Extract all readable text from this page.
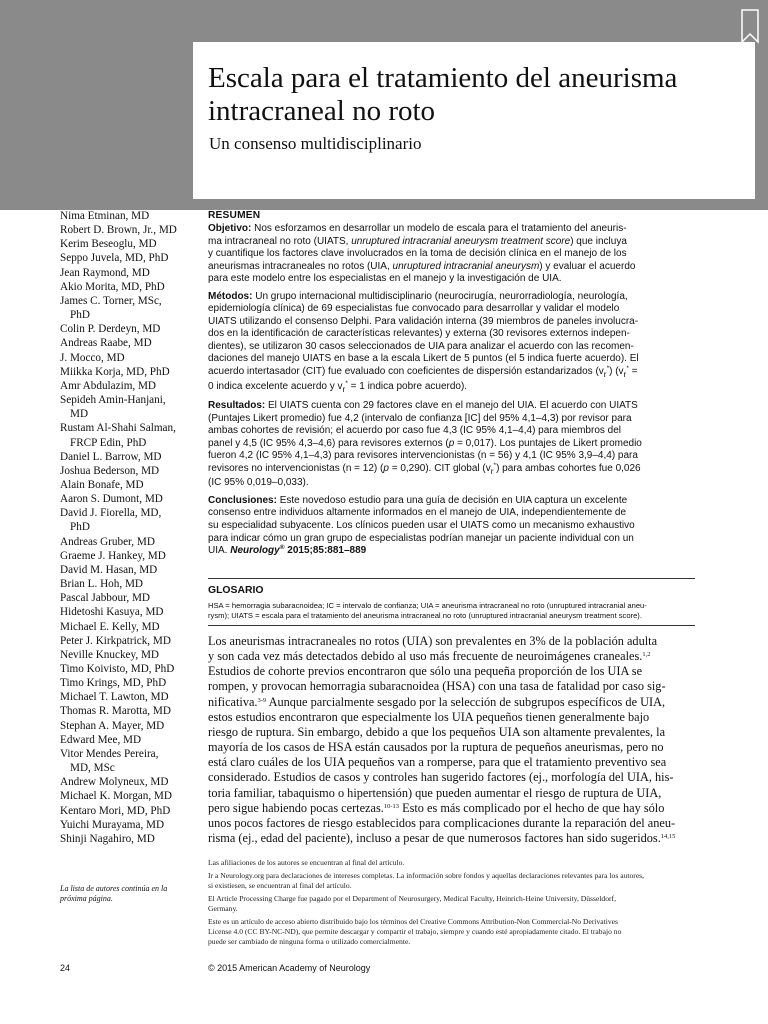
Escala para el tratamiento del aneurisma
intracraneal no roto
Un consenso multidisciplinario
Nima Etminan, MD
Robert D. Brown, Jr., MD
Kerim Beseoglu, MD
Seppo Juvela, MD, PhD
Jean Raymond, MD
Akio Morita, MD, PhD
James C. Torner, MSc,
PhD
Colin P. Derdeyn, MD
Andreas Raabe, MD
J. Mocco, MD
Miikka Korja, MD, PhD
Amr Abdulazim, MD
Sepideh Amin-Hanjani,
MD
Rustam Al-Shahi Salman,
FRCP Edin, PhD
Daniel L. Barrow, MD
Joshua Bederson, MD
Alain Bonafe, MD
Aaron S. Dumont, MD
David J. Fiorella, MD,
PhD
Andreas Gruber, MD
Graeme J. Hankey, MD
David M. Hasan, MD
Brian L. Hoh, MD
Pascal Jabbour, MD
Hidetoshi Kasuya, MD
Michael E. Kelly, MD
Peter J. Kirkpatrick, MD
Neville Knuckey, MD
Timo Koivisto, MD, PhD
Timo Krings, MD, PhD
Michael T. Lawton, MD
Thomas R. Marotta, MD
Stephan A. Mayer, MD
Edward Mee, MD
Vitor Mendes Pereira,
MD, MSc
Andrew Molyneux, MD
Michael K. Morgan, MD
Kentaro Mori, MD, PhD
Yuichi Murayama, MD
Shinji Nagahiro, MD
La lista de autores continúa en la
próxima página.
RESUMEN
Objetivo: Nos esforzamos en desarrollar un modelo de escala para el tratamiento del aneuris-
ma intracraneal no roto (UIATS, unruptured intracranial aneurysm treatment score) que incluya
y cuantifique los factores clave involucrados en la toma de decisión clínica en el manejo de los
aneurismas intracraneales no rotos (UIA, unruptured intracranial aneurysm) y evaluar el acuerdo
para este modelo entre los especialistas en el manejo y la investigación de UIA.
Métodos: Un grupo internacional multidisciplinario (neurocirugía, neurorradiología, neurología,
epidemiología clínica) de 69 especialistas fue convocado para desarrollar y validar el modelo
UIATS utilizando el consenso Delphi. Para validación interna (39 miembros de paneles involucra-
dos en la identificación de características relevantes) y externa (30 revisores externos indepen-
dientes), se utilizaron 30 casos seleccionados de UIA para analizar el acuerdo con las recomen-
daciones del manejo UIATS en base a la escala Likert de 5 puntos (el 5 indica fuerte acuerdo). El
acuerdo intertasador (CIT) fue evaluado con coeficientes de dispersión estandarizados $(v_r^*) (v_r^*$ =
0 indica excelente acuerdo y $v_r^* = 1$ indica pobre acuerdo).
Resultados: El UIATS cuenta con 29 factores clave en el manejo del UIA. El acuerdo con UIATS
(Puntajes Likert promedio) fue 4,2 (intervalo de confianza [IC] del 95% 4,1–4,3) por revisor para
ambas cohortes de revisión; el acuerdo por caso fue 4,3 (IC 95% 4,1–4,4) para miembros del
panel y 4,5 (IC 95% 4,3–4,6) para revisores externos (p = 0,017). Los puntajes de Likert promedio
fueron 4,2 (IC 95% 4,1–4,3) para revisores intervencionistas (n = 56) y 4,1 (IC 95% 3,9–4,4) para
revisores no intervencionistas (n = 12) (p = 0,290). CIT global $(v_r^*)$ para ambas cohortes fue 0,026
(IC 95% 0,019–0,033).
Conclusiones: Este novedoso estudio para una guía de decisión en UIA captura un excelente
consenso entre individuos altamente informados en el manejo de UIA, independientemente de
su especialidad subyacente. Los clínicos pueden usar el UIATS como un mecanismo exhaustivo
para indicar cómo un gran grupo de especialistas podrían manejar un paciente individual con un
UIA. Neurology® 2015;85:881–889
GLOSARIO
HSA = hemorragia subaracnoidea; IC = intervalo de confianza; UIA = aneurisma intracraneal no roto (unruptured intracranial aneu-
rysm); UIATS = escala para el tratamiento del aneurisma intracraneal no roto (unruptured intracranial aneurysm treatment score).
Los aneurismas intracraneales no rotos (UIA) son prevalentes en 3% de la población adulta
y son cada vez más detectados debido al uso más frecuente de neuroimágenes craneales.$^{1,2}$
Estudios de cohorte previos encontraron que sólo una pequeña proporción de los UIA se
rompen, y provocan hemorragia subaracnoidea (HSA) con una tasa de fatalidad por caso sig-
nificativa.$^{3-9}$ Aunque parcialmente sesgado por la selección de subgrupos específicos de UIA,
estos estudios encontraron que especialmente los UIA pequeños tienen generalmente bajo
riesgo de ruptura. Sin embargo, debido a que los pequeños UIA son altamente prevalentes, la
mayoría de los casos de HSA están causados por la ruptura de pequeños aneurismas, pero no
está claro cuáles de los UIA pequeños van a romperse, para que el tratamiento preventivo sea
considerado. Estudios de casos y controles han sugerido factores (ej., morfología del UIA, his-
toria familiar, tabaquismo o hipertensión) que pueden aumentar el riesgo de ruptura de UIA,
pero sigue habiendo pocas certezas.$^{10-13}$ Esto es más complicado por el hecho de que hay sólo
unos pocos factores de riesgo establecidos para complicaciones durante la reparación del aneu-
risma (ej., edad del paciente), incluso a pesar de que numerosos factores han sido sugeridos.$^{14,15}$
Las afiliaciones de los autores se encuentran al final del artículo.
Ir a Neurology.org para declaraciones de intereses completas. La información sobre fondos y aquellas declaraciones relevantes para los autores,
si existiesen, se encuentran al final del artículo.
El Article Processing Charge fue pagado por el Department of Neurosurgery, Medical Faculty, Heinrich-Heine University, Düsseldorf,
Germany.
Este es un artículo de acceso abierto distribuido bajo los términos del Creative Commons Attribution-Non Commercial-No Derivatives
License 4.0 (CC BY-NC-ND), que permite descargar y compartir el trabajo, siempre y cuando esté apropiadamente citado. El trabajo no
puede ser cambiado de ninguna forma o utilizado comercialmente.
24	© 2015 American Academy of Neurology
